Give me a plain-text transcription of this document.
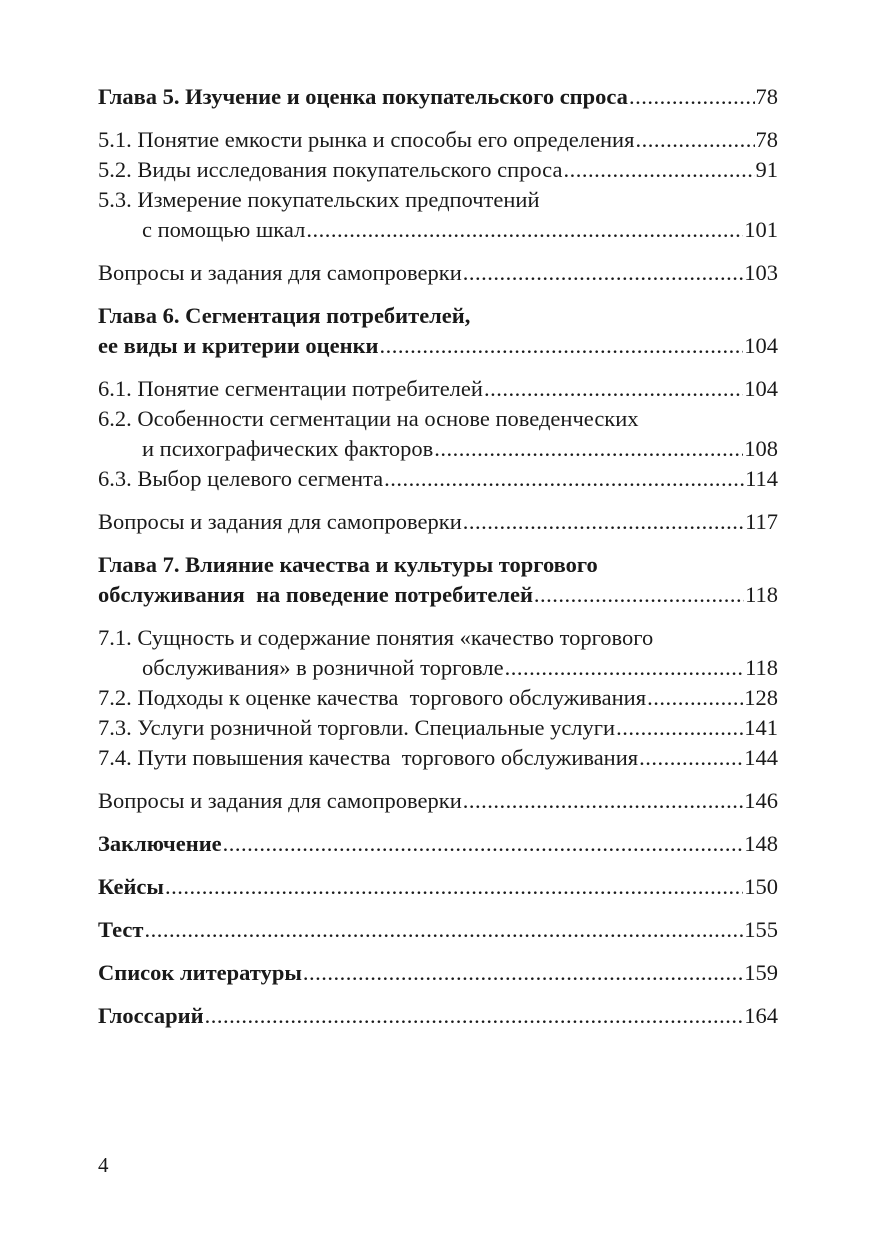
Глава 5. Изучение и оценка покупательского спроса .....	78
5.1. Понятие емкости рынка и способы его определения .....	78
5.2. Виды исследования покупательского спроса .....	91
5.3. Измерение покупательских предпочтений
с помощью шкал .....	101
Вопросы и задания для самопроверки .....	103
Глава 6. Сегментация потребителей,
ее виды и критерии оценки .....	104
6.1. Понятие сегментации потребителей .....	104
6.2. Особенности сегментации на основе поведенческих
и психографических факторов .....	108
6.3. Выбор целевого сегмента .....	114
Вопросы и задания для самопроверки .....	117
Глава 7. Влияние качества и культуры торгового
обслуживания  на поведение потребителей .....	118
7.1. Сущность и содержание понятия «качество торгового
обслуживания» в розничной торговле .....	118
7.2. Подходы к оценке качества  торгового обслуживания .....	128
7.3. Услуги розничной торговли. Специальные услуги .....	141
7.4. Пути повышения качества  торгового обслуживания .....	144
Вопросы и задания для самопроверки .....	146
Заключение .....	148
Кейсы .....	150
Тест .....	155
Список литературы .....	159
Глоссарий .....	164
4
